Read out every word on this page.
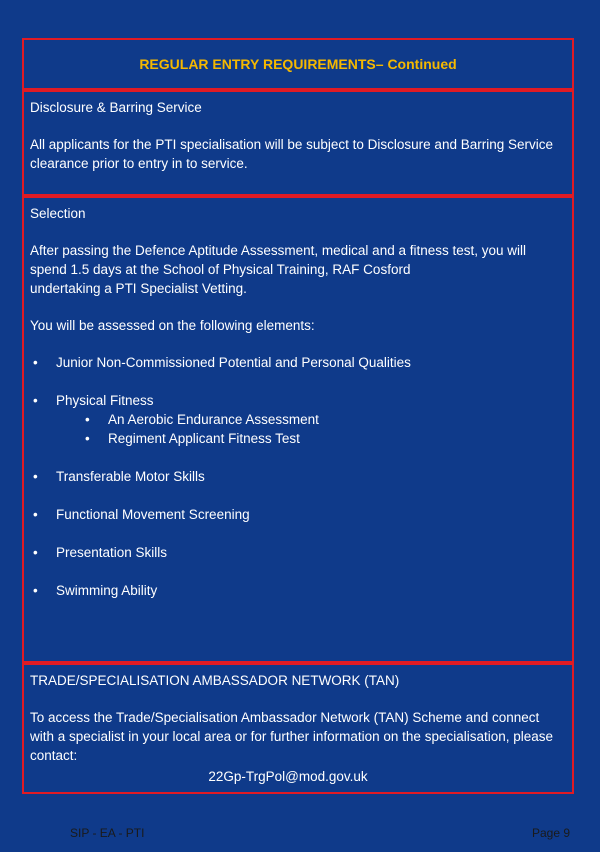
REGULAR ENTRY REQUIREMENTS– Continued
Disclosure & Barring Service
All applicants for the PTI specialisation will be subject to Disclosure and Barring Service clearance prior to entry in to service.
Selection
After passing the Defence Aptitude Assessment, medical and a fitness test, you will
spend 1.5 days at the School of Physical Training, RAF Cosford
undertaking a PTI Specialist Vetting.
You will be assessed on the following elements:
• Junior Non-Commissioned Potential and Personal Qualities
• Physical Fitness
• An Aerobic Endurance Assessment
• Regiment Applicant Fitness Test
• Transferable Motor Skills
• Functional Movement Screening
• Presentation Skills
• Swimming Ability
TRADE/SPECIALISATION AMBASSADOR NETWORK (TAN)
To access the Trade/Specialisation Ambassador Network (TAN) Scheme and connect with a specialist in your local area or for further information on the specialisation, please contact:
22Gp-TrgPol@mod.gov.uk
SIP - EA - PTI	Page 9
